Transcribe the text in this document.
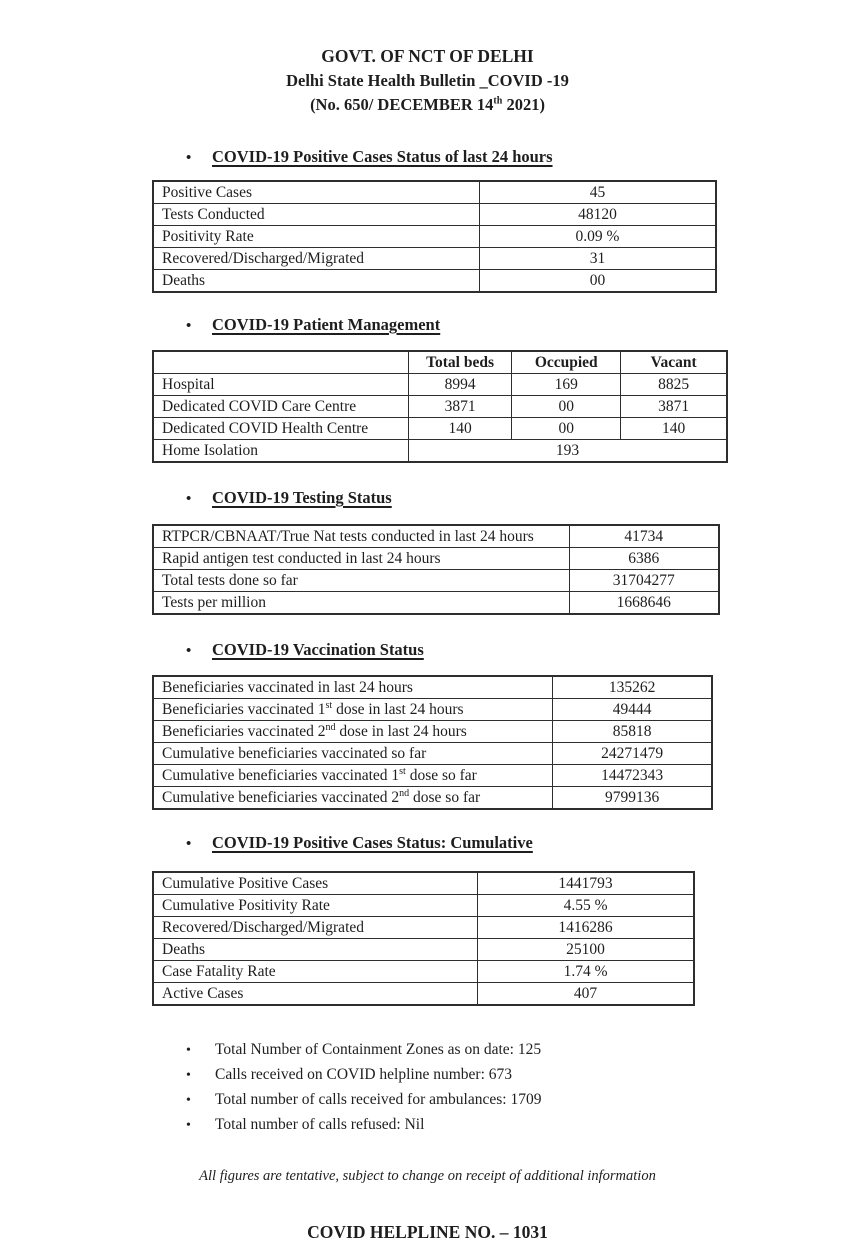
GOVT. OF NCT OF DELHI
Delhi State Health Bulletin _COVID -19
(No. 650/ DECEMBER 14th 2021)
•	COVID-19 Positive Cases Status of last 24 hours
Positive Cases	45
Tests Conducted	48120
Positivity Rate	0.09 %
Recovered/Discharged/Migrated	31
Deaths	00
•	COVID-19 Patient Management
	Total beds	Occupied	Vacant
Hospital	8994	169	8825
Dedicated COVID Care Centre	3871	00	3871
Dedicated COVID Health Centre	140	00	140
Home Isolation	193		
•	COVID-19 Testing Status
RTPCR/CBNAAT/True Nat tests conducted in last 24 hours	41734
Rapid antigen test conducted in last 24 hours	6386
Total tests done so far	31704277
Tests per million	1668646
•	COVID-19 Vaccination Status
Beneficiaries vaccinated in last 24 hours	135262
Beneficiaries vaccinated 1st dose in last 24 hours	49444
Beneficiaries vaccinated 2nd dose in last 24 hours	85818
Cumulative beneficiaries vaccinated so far	24271479
Cumulative beneficiaries vaccinated 1st dose so far	14472343
Cumulative beneficiaries vaccinated 2nd dose so far	9799136
•	COVID-19 Positive Cases Status: Cumulative
Cumulative Positive Cases	1441793
Cumulative Positivity Rate	4.55 %
Recovered/Discharged/Migrated	1416286
Deaths	25100
Case Fatality Rate	1.74 %
Active Cases	407
•	Total Number of Containment Zones as on date: 125
•	Calls received on COVID helpline number: 673
•	Total number of calls received for ambulances: 1709
•	Total number of calls refused: Nil
All figures are tentative, subject to change on receipt of additional information
COVID HELPLINE NO. – 1031
